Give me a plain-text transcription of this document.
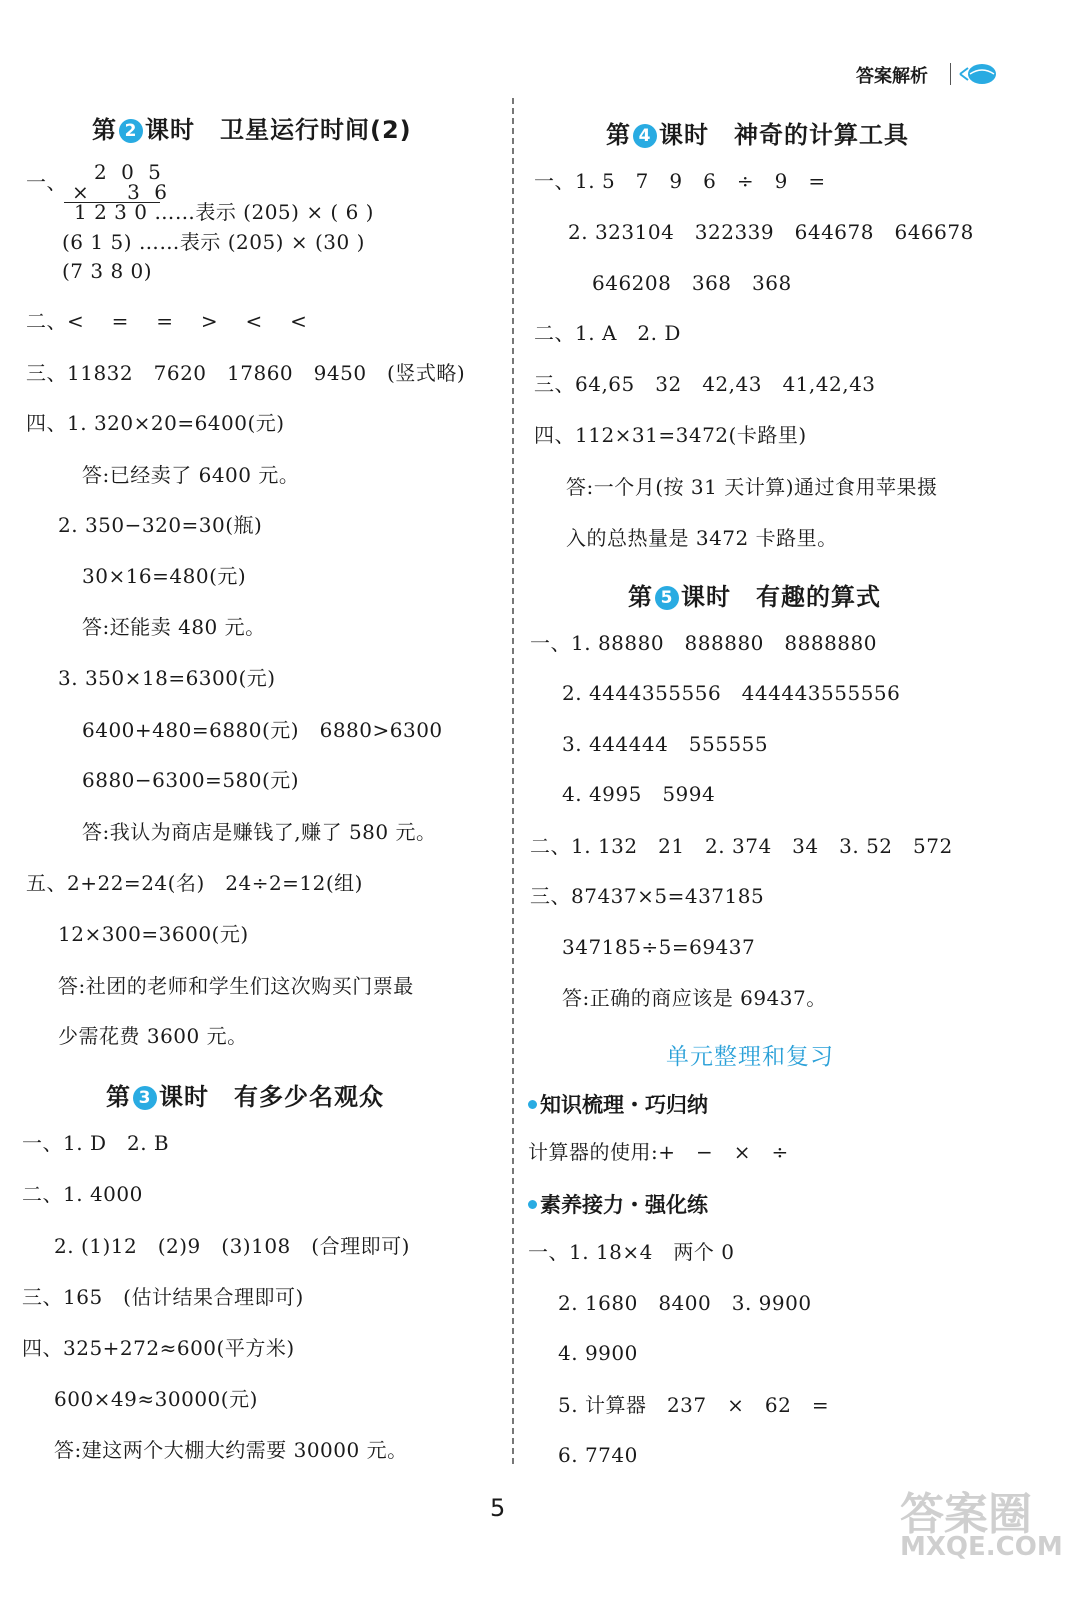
答案解析
第 2 课时　卫星运行时间(2)
2 0 5
× 　3 6
1 2 3 0 ……表示 (205) × ( 6 )
(6 1 5) ……表示 (205) × (30 )
(7 3 8 0)
一、
二、<　 =　 =　 >　 <　 <
三、11832　7620　17860　9450　(竖式略)
四、1. 320×20=6400(元)
答:已经卖了 6400 元。
2. 350−320=30(瓶)
30×16=480(元)
答:还能卖 480 元。
3. 350×18=6300(元)
6400+480=6880(元)　6880>6300
6880−6300=580(元)
答:我认为商店是赚钱了,赚了 580 元。
五、2+22=24(名)　24÷2=12(组)
12×300=3600(元)
答:社团的老师和学生们这次购买门票最
少需花费 3600 元。
第 3 课时　有多少名观众
一、1. D　2. B
二、1. 4000
2. (1)12　(2)9　(3)108　(合理即可)
三、165　(估计结果合理即可)
四、325+272≈600(平方米)
600×49≈30000(元)
答:建这两个大棚大约需要 30000 元。
第 4 课时　神奇的计算工具
一、1. 5　7　9　6　÷　9　=
2. 323104　322339　644678　646678
646208　368　368
二、1. A　2. D
三、64,65　32　42,43　41,42,43
四、112×31=3472(卡路里)
答:一个月(按 31 天计算)通过食用苹果摄
入的总热量是 3472 卡路里。
第 5 课时　有趣的算式
一、1. 88880　888880　8888880
2. 4444355556　444443555556
3. 444444　555555
4. 4995　5994
二、1. 132　21　2. 374　34　3. 52　572
三、87437×5=437185
347185÷5=69437
答:正确的商应该是 69437。
单元整理和复习
知识梳理・巧归纳
计算器的使用:+　−　×　÷
素养接力・强化练
一、1. 18×4　两个 0
2. 1680　8400　3. 9900
4. 9900
5. 计算器　237　×　62　=
6. 7740
5	答案圈
MXQE.COM
